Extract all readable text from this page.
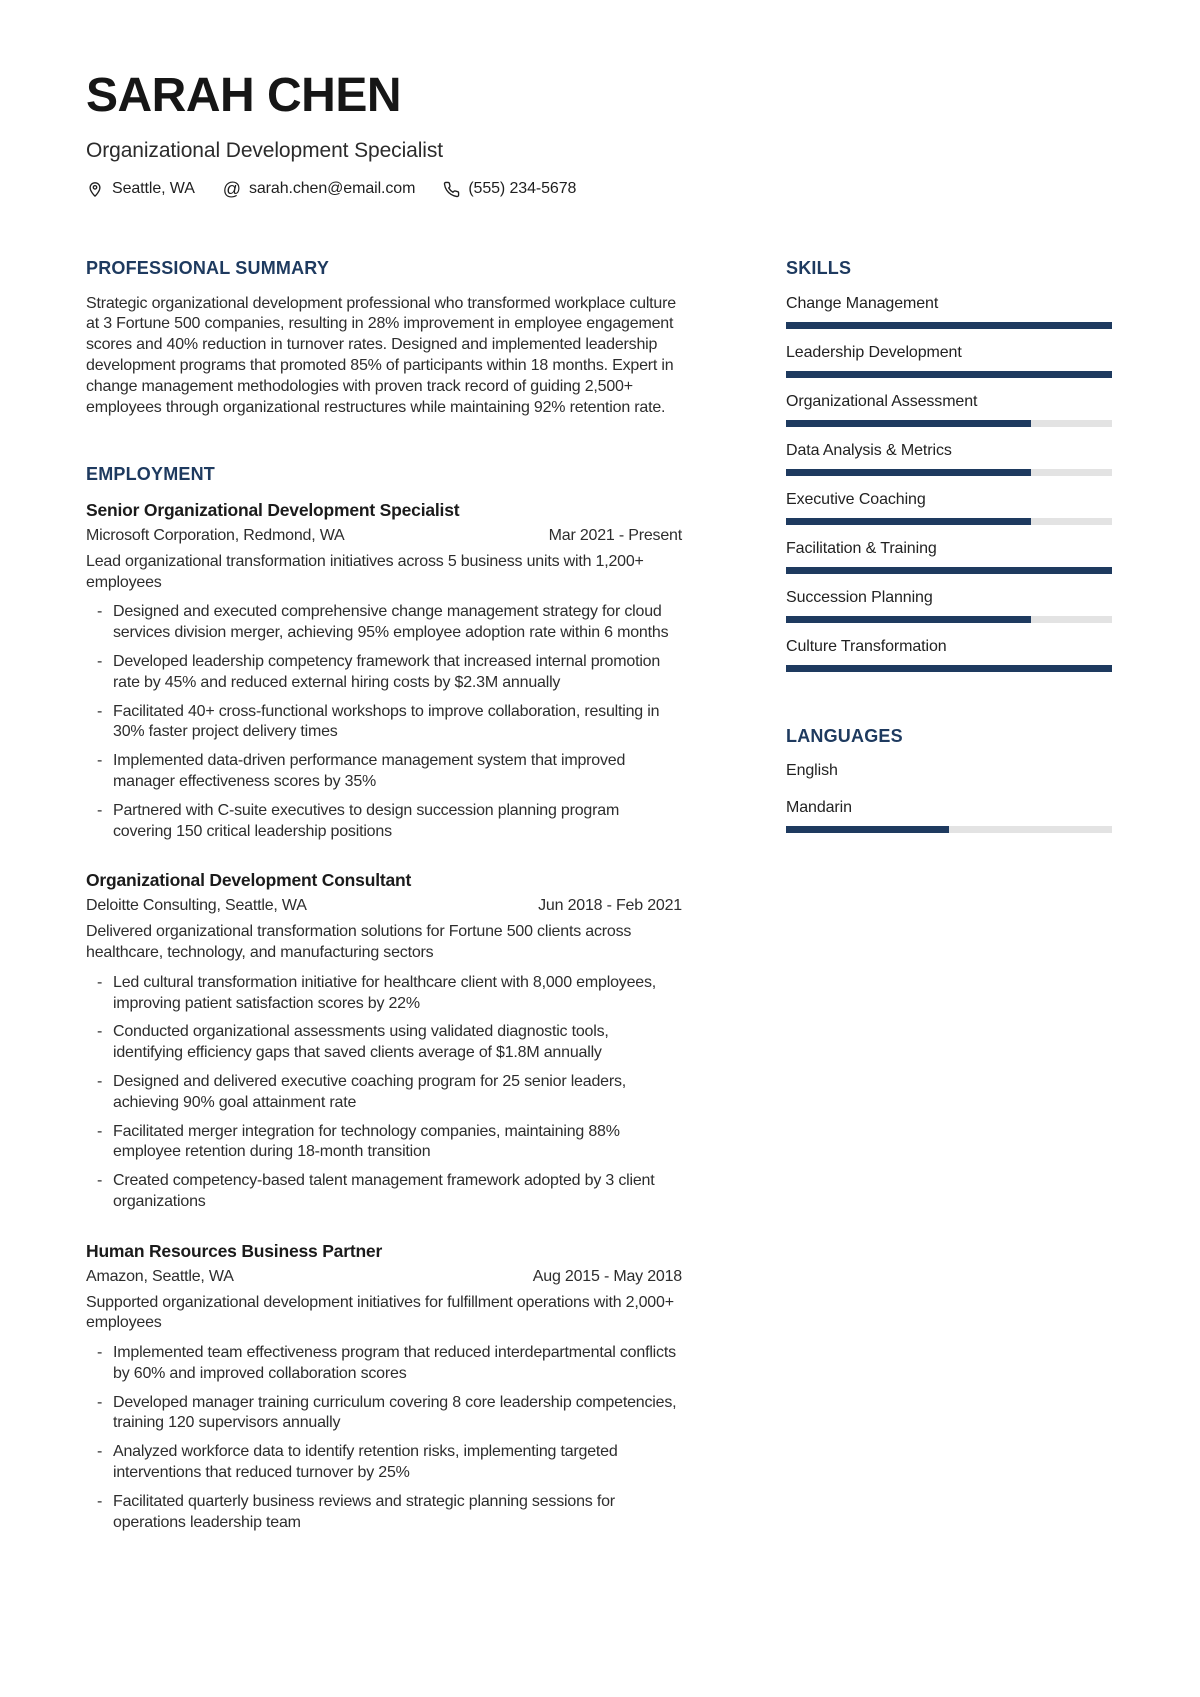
SARAH CHEN
Organizational Development Specialist
Seattle, WA @ sarah.chen@email.com	(555) 234-5678
PROFESSIONAL SUMMARY

Strategic organizational development professional who transformed workplace culture at 3 Fortune 500 companies, resulting in 28% improvement in employee engagement scores and 40% reduction in turnover rates. Designed and implemented leadership development programs that promoted 85% of participants within 18 months. Expert in change management methodologies with proven track record of guiding 2,500+ employees through organizational restructures while maintaining 92% retention rate.

EMPLOYMENT
Senior Organizational Development Specialist
Microsoft Corporation, Redmond, WA	Mar 2021 - Present

Lead organizational transformation initiatives across 5 business units with 1,200+ employees

- Designed and executed comprehensive change management strategy for cloud services division merger, achieving 95% employee adoption rate within 6 months
- Developed leadership competency framework that increased internal promotion rate by 45% and reduced external hiring costs by $2.3M annually
- Facilitated 40+ cross-functional workshops to improve collaboration, resulting in 30% faster project delivery times
- Implemented data-driven performance management system that improved manager effectiveness scores by 35%
- Partnered with C-suite executives to design succession planning program covering 150 critical leadership positions
Organizational Development Consultant
Deloitte Consulting, Seattle, WA	Jun 2018 - Feb 2021

Delivered organizational transformation solutions for Fortune 500 clients across healthcare, technology, and manufacturing sectors

- Led cultural transformation initiative for healthcare client with 8,000 employees, improving patient satisfaction scores by 22%
- Conducted organizational assessments using validated diagnostic tools, identifying efficiency gaps that saved clients average of $1.8M annually
- Designed and delivered executive coaching program for 25 senior leaders, achieving 90% goal attainment rate
- Facilitated merger integration for technology companies, maintaining 88% employee retention during 18-month transition
- Created competency-based talent management framework adopted by 3 client organizations
Human Resources Business Partner
Amazon, Seattle, WA	Aug 2015 - May 2018

Supported organizational development initiatives for fulfillment operations with 2,000+ employees

- Implemented team effectiveness program that reduced interdepartmental conflicts by 60% and improved collaboration scores
- Developed manager training curriculum covering 8 core leadership competencies, training 120 supervisors annually
- Analyzed workforce data to identify retention risks, implementing targeted interventions that reduced turnover by 25%
- Facilitated quarterly business reviews and strategic planning sessions for operations leadership team
SKILLS
Change Management
Leadership Development
Organizational Assessment
Data Analysis & Metrics
Executive Coaching
Facilitation & Training
Succession Planning
Culture Transformation
LANGUAGES
English
Mandarin
